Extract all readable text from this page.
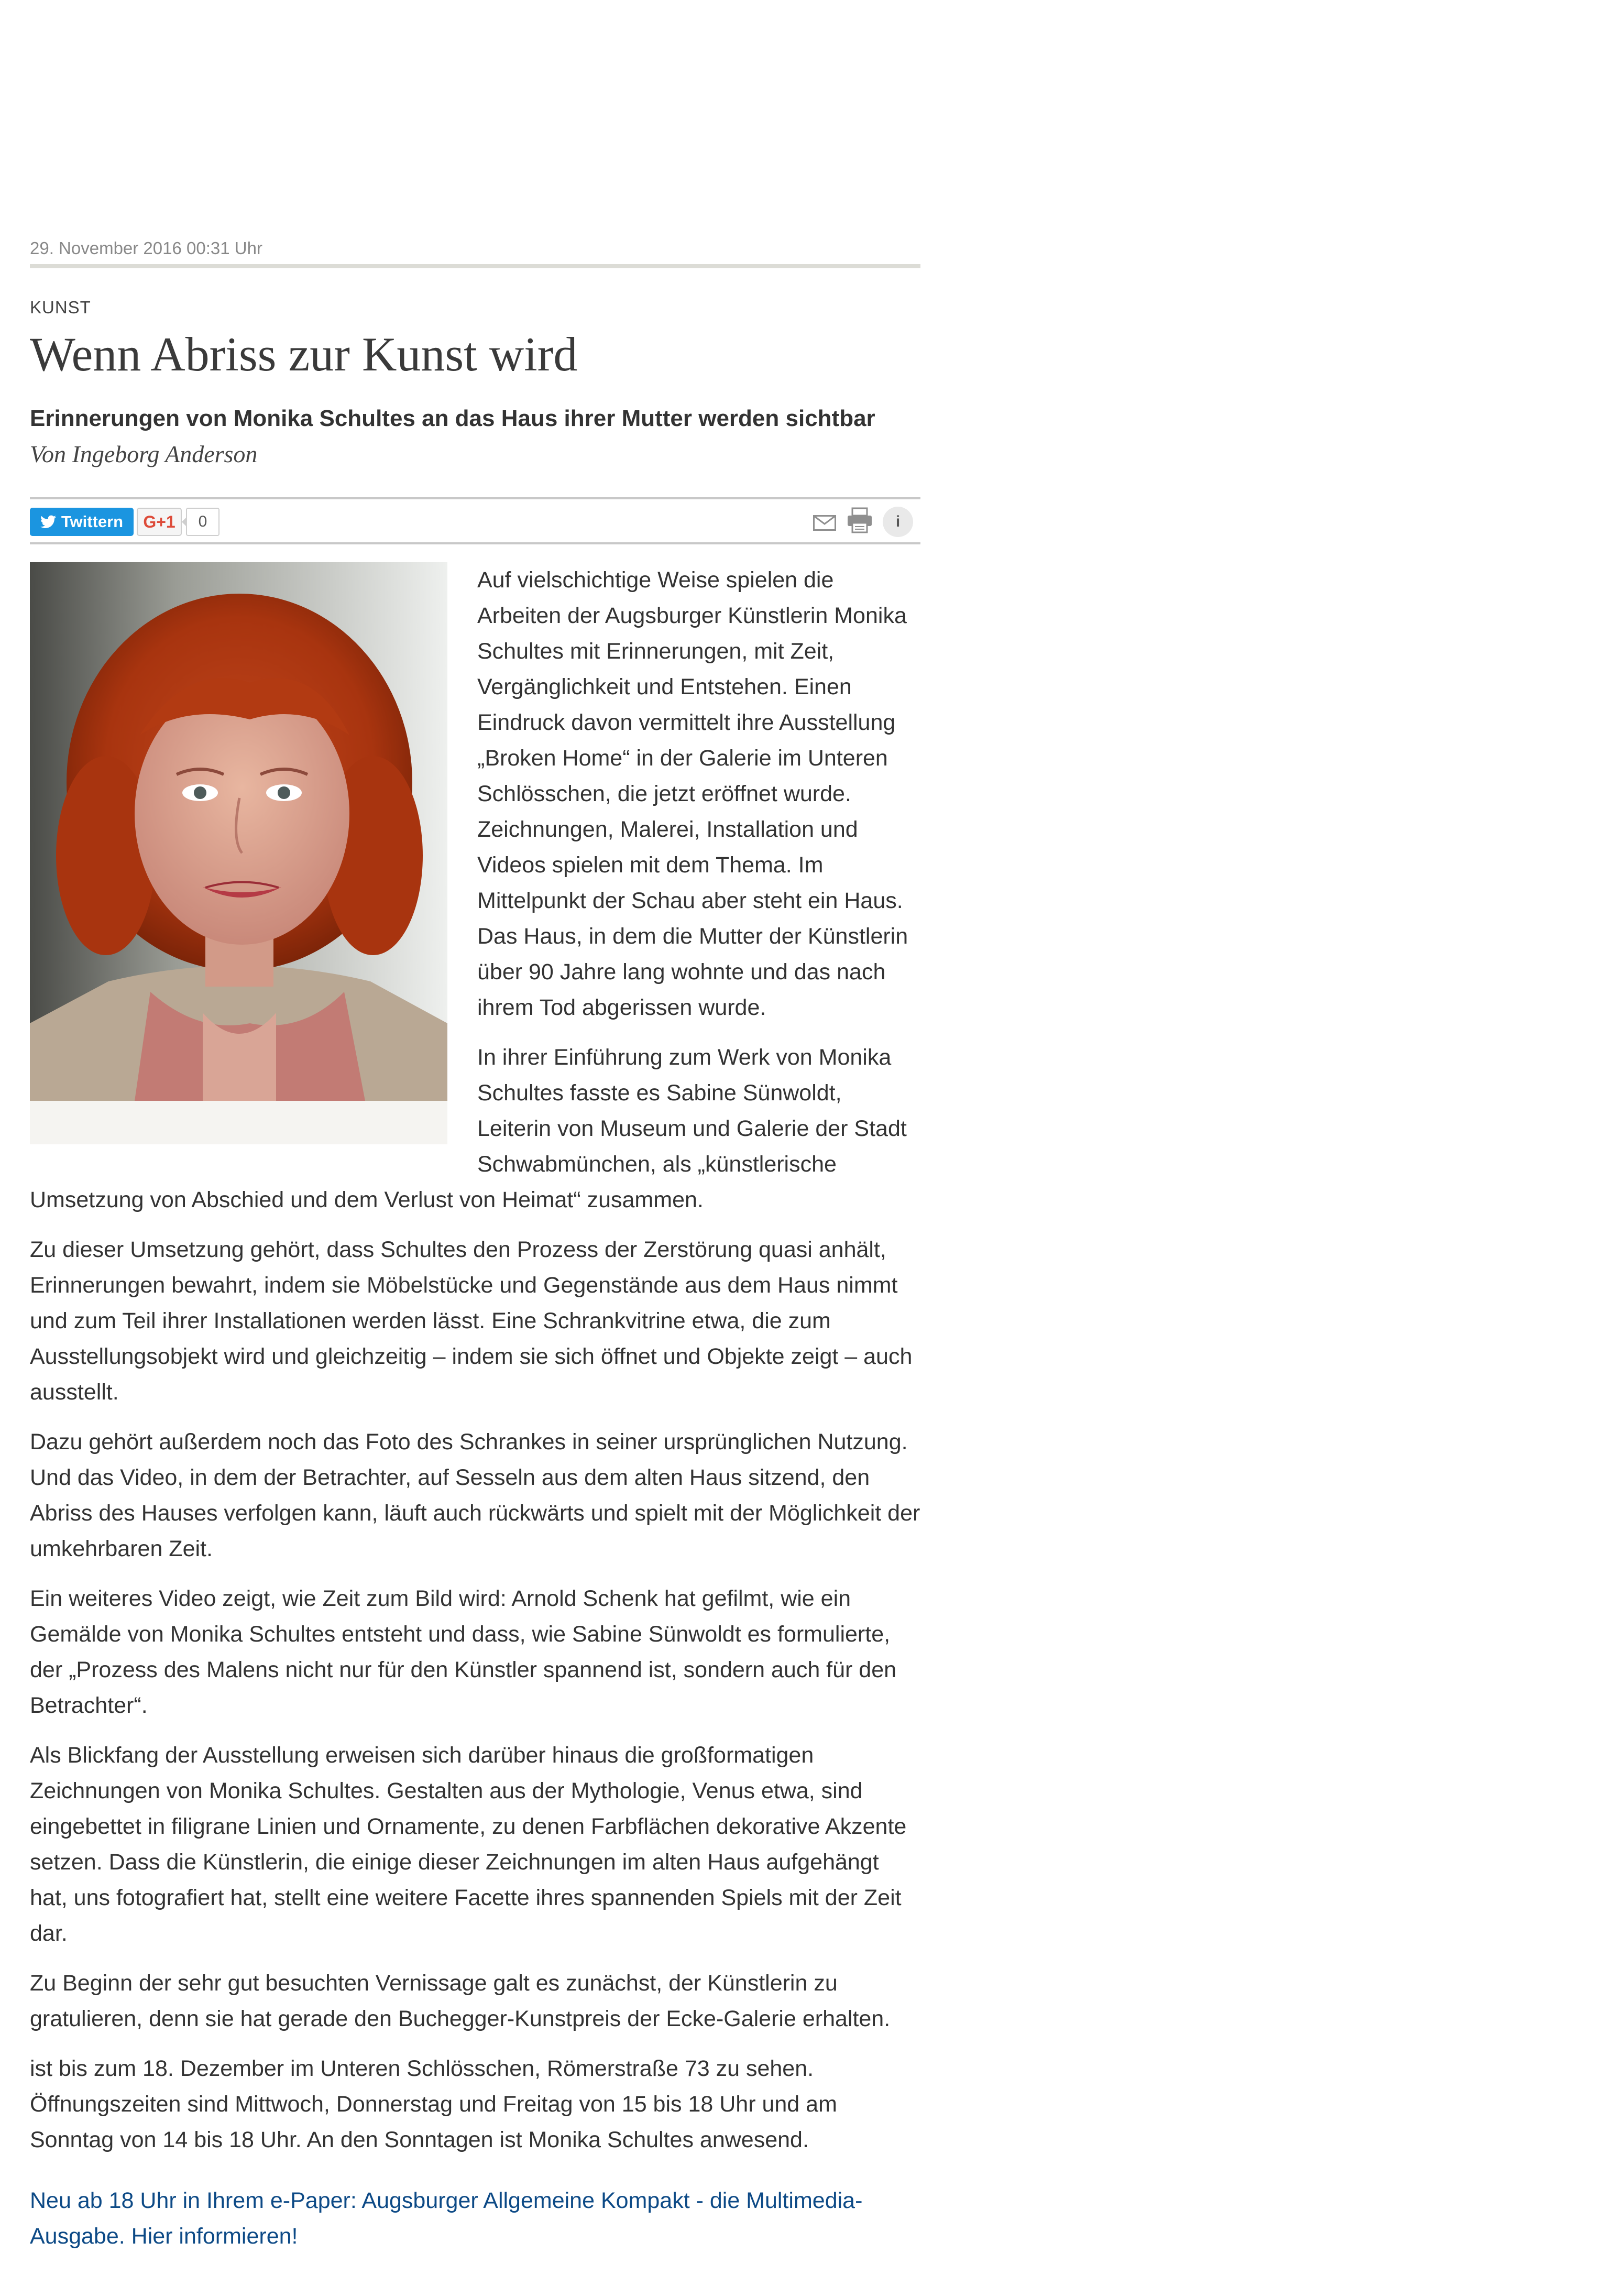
29. November 2016 00:31 Uhr
KUNST
Wenn Abriss zur Kunst wird
Erinnerungen von Monika Schultes an das Haus ihrer Mutter werden sichtbar
Von Ingeborg Anderson
Twittern	G+1	0	i

Auf vielschichtige Weise spielen die Arbeiten der Augsburger Künstlerin Monika Schultes mit Erinnerungen, mit Zeit, Vergänglichkeit und Entstehen. Einen Eindruck davon vermittelt ihre Ausstellung „Broken Home“ in der Galerie im Unteren Schlösschen, die jetzt eröffnet wurde. Zeichnungen, Malerei, Installation und Videos spielen mit dem Thema. Im Mittelpunkt der Schau aber steht ein Haus. Das Haus, in dem die Mutter der Künstlerin über 90 Jahre lang wohnte und das nach ihrem Tod abgerissen wurde.

In ihrer Einführung zum Werk von Monika Schultes fasste es Sabine Sünwoldt, Leiterin von Museum und Galerie der Stadt Schwabmünchen, als „künstlerische Umsetzung von Abschied und dem Verlust von Heimat“ zusammen.

Zu dieser Umsetzung gehört, dass Schultes den Prozess der Zerstörung quasi anhält, Erinnerungen bewahrt, indem sie Möbelstücke und Gegenstände aus dem Haus nimmt und zum Teil ihrer Installationen werden lässt. Eine Schrankvitrine etwa, die zum Ausstellungsobjekt wird und gleichzeitig – indem sie sich öffnet und Objekte zeigt – auch ausstellt.

Dazu gehört außerdem noch das Foto des Schrankes in seiner ursprünglichen Nutzung. Und das Video, in dem der Betrachter, auf Sesseln aus dem alten Haus sitzend, den Abriss des Hauses verfolgen kann, läuft auch rückwärts und spielt mit der Möglichkeit der umkehrbaren Zeit.

Ein weiteres Video zeigt, wie Zeit zum Bild wird: Arnold Schenk hat gefilmt, wie ein Gemälde von Monika Schultes entsteht und dass, wie Sabine Sünwoldt es formulierte, der „Prozess des Malens nicht nur für den Künstler spannend ist, sondern auch für den Betrachter“.

Als Blickfang der Ausstellung erweisen sich darüber hinaus die großformatigen Zeichnungen von Monika Schultes. Gestalten aus der Mythologie, Venus etwa, sind eingebettet in filigrane Linien und Ornamente, zu denen Farbflächen dekorative Akzente setzen. Dass die Künstlerin, die einige dieser Zeichnungen im alten Haus aufgehängt hat, uns fotografiert hat, stellt eine weitere Facette ihres spannenden Spiels mit der Zeit dar.

Zu Beginn der sehr gut besuchten Vernissage galt es zunächst, der Künstlerin zu gratulieren, denn sie hat gerade den Buchegger-Kunstpreis der Ecke-Galerie erhalten.

ist bis zum 18. Dezember im Unteren Schlösschen, Römerstraße 73 zu sehen. Öffnungszeiten sind Mittwoch, Donnerstag und Freitag von 15 bis 18 Uhr und am Sonntag von 14 bis 18 Uhr. An den Sonntagen ist Monika Schultes anwesend.

Neu ab 18 Uhr in Ihrem e-Paper: Augsburger Allgemeine Kompakt - die Multimedia-Ausgabe. Hier informieren!
